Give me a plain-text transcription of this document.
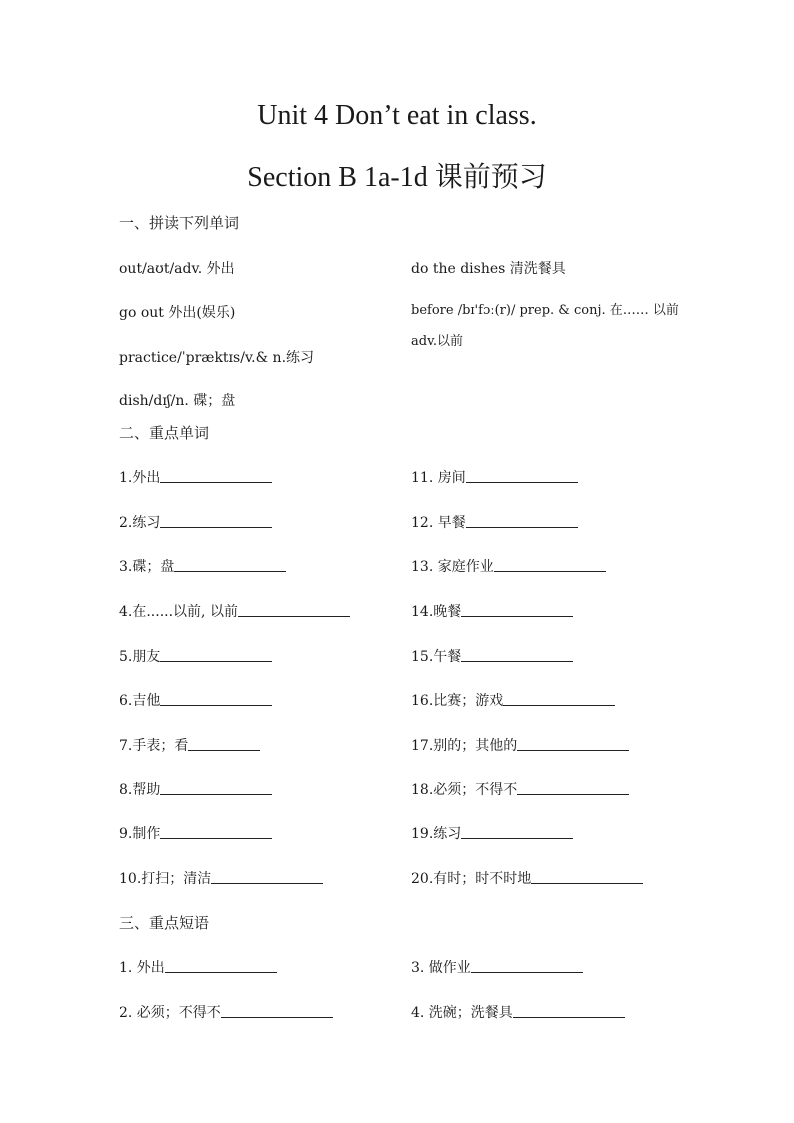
Unit 4 Don’t eat in class.
Section B 1a-1d 课前预习
一、拼读下列单词
out/aʊt/adv. 外出
go out 外出(娱乐)
practice/ˈpræktɪs/v.& n.练习
dish/dɪʃ/n. 碟；盘
do the dishes 清洗餐具
before /bɪ'fɔː(r)/ prep. & conj. 在…… 以前 adv.以前
二、重点单词
1.外出
2.练习
3.碟；盘
4.在......以前, 以前
5.朋友
6.吉他
7.手表；看
8.帮助
9.制作
10.打扫；清洁
11. 房间
12. 早餐
13. 家庭作业
14.晚餐
15.午餐
16.比赛；游戏
17.别的；其他的
18.必须；不得不
19.练习
20.有时；时不时地
三、重点短语
1. 外出
2. 必须；不得不
3. 做作业
4. 洗碗；洗餐具
